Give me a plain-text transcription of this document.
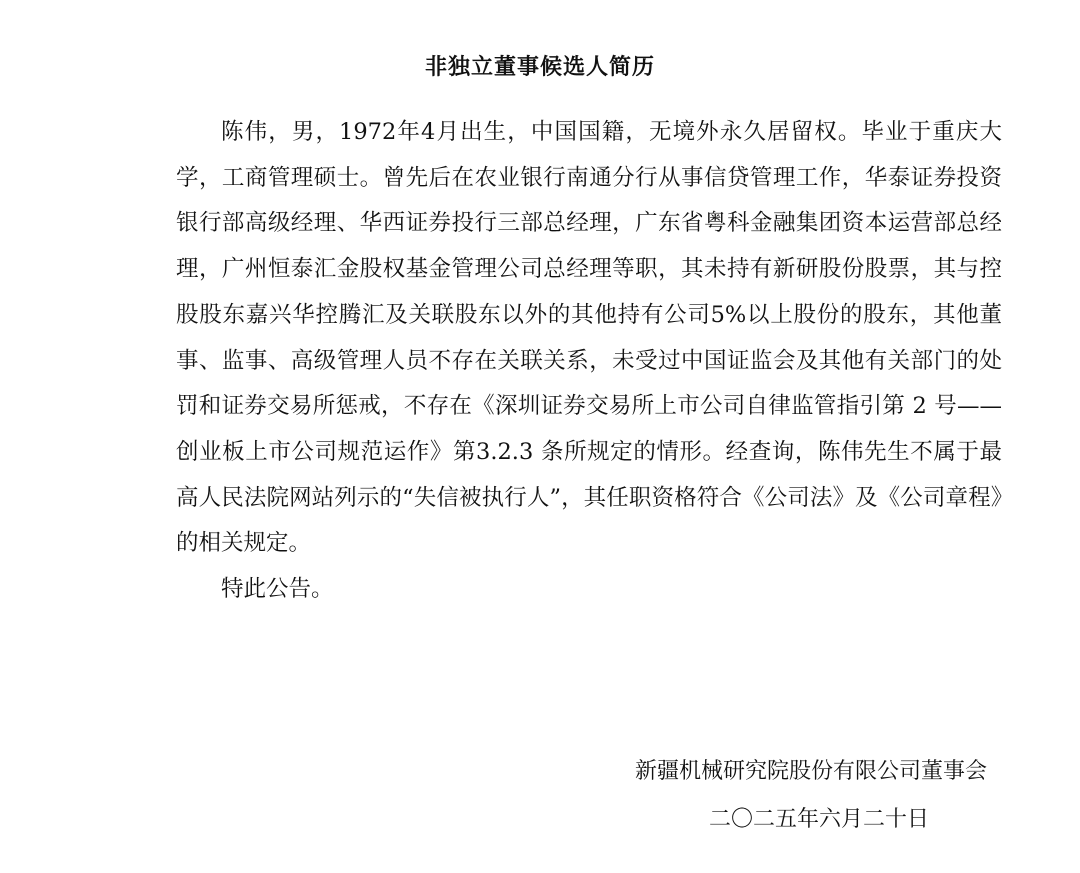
非独立董事候选人简历

陈伟，男，1972年4月出生，中国国籍，无境外永久居留权。毕业于重庆大学，工商管理硕士。曾先后在农业银行南通分行从事信贷管理工作，华泰证券投资银行部高级经理、华西证券投行三部总经理，广东省粤科金融集团资本运营部总经理，广州恒泰汇金股权基金管理公司总经理等职，其未持有新研股份股票，其与控股股东嘉兴华控腾汇及关联股东以外的其他持有公司5%以上股份的股东，其他董事、监事、高级管理人员不存在关联关系，未受过中国证监会及其他有关部门的处罚和证券交易所惩戒，不存在《深圳证券交易所上市公司自律监管指引第 2 号——创业板上市公司规范运作》第3.2.3 条所规定的情形。经查询，陈伟先生不属于最高人民法院网站列示的“失信被执行人”，其任职资格符合《公司法》及《公司章程》的相关规定。

特此公告。

新疆机械研究院股份有限公司董事会
二〇二五年六月二十日
